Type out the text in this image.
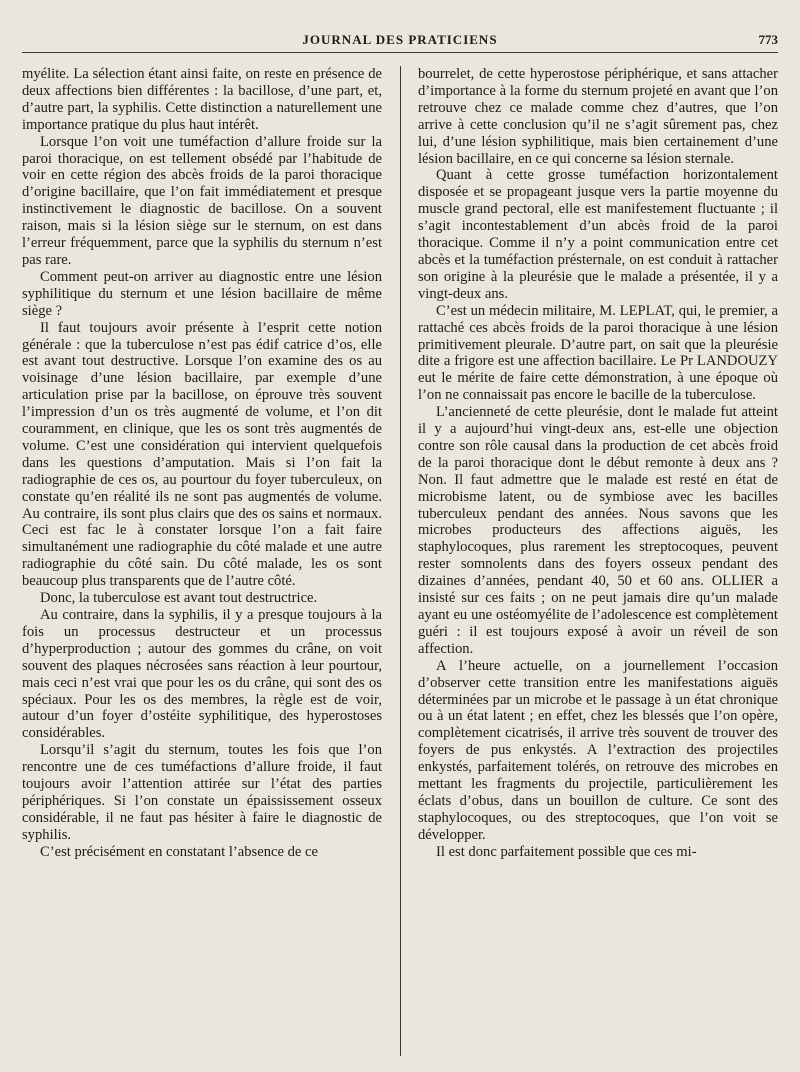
JOURNAL DES PRATICIENS	773

myélite. La sélection étant ainsi faite, on reste en présence de deux affections bien différentes : la bacillose, d’une part, et, d’autre part, la syphilis. Cette distinction a naturellement une importance pratique du plus haut intérêt.

Lorsque l’on voit une tuméfaction d’allure froide sur la paroi thoracique, on est tellement obsédé par l’habitude de voir en cette région des abcès froids de la paroi thoracique d’origine bacillaire, que l’on fait immédiatement et presque instinctivement le diagnostic de bacillose. On a souvent raison, mais si la lésion siège sur le sternum, on est dans l’erreur fréquemment, parce que la syphilis du sternum n’est pas rare.

Comment peut-on arriver au diagnostic entre une lésion syphilitique du sternum et une lésion bacillaire de même siège ?

Il faut toujours avoir présente à l’esprit cette notion générale : que la tuberculose n’est pas édif catrice d’os, elle est avant tout destructive. Lorsque l’on examine des os au voisinage d’une lésion bacillaire, par exemple d’une articulation prise par la bacillose, on éprouve très souvent l’impression d’un os très augmenté de volume, et l’on dit couramment, en clinique, que les os sont très augmentés de volume. C’est une considération qui intervient quelquefois dans les questions d’amputation. Mais si l’on fait la radiographie de ces os, au pourtour du foyer tuberculeux, on constate qu’en réalité ils ne sont pas augmentés de volume. Au contraire, ils sont plus clairs que des os sains et normaux. Ceci est fac le à constater lorsque l’on a fait faire simultanément une radiographie du côté malade et une autre radiographie du côté sain. Du côté malade, les os sont beaucoup plus transparents que de l’autre côté.

Donc, la tuberculose est avant tout destructrice.

Au contraire, dans la syphilis, il y a presque toujours à la fois un processus destructeur et un processus d’hyperproduction ; autour des gommes du crâne, on voit souvent des plaques nécrosées sans réaction à leur pourtour, mais ceci n’est vrai que pour les os du crâne, qui sont des os spéciaux. Pour les os des membres, la règle est de voir, autour d’un foyer d’ostéite syphilitique, des hyperostoses considérables.

Lorsqu’il s’agit du sternum, toutes les fois que l’on rencontre une de ces tuméfactions d’allure froide, il faut toujours avoir l’attention attirée sur l’état des parties périphériques. Si l’on constate un épaississement osseux considérable, il ne faut pas hésiter à faire le diagnostic de syphilis.

C’est précisément en constatant l’absence de ce

bourrelet, de cette hyperostose périphérique, et sans attacher d’importance à la forme du sternum projeté en avant que l’on retrouve chez ce malade comme chez d’autres, que l’on arrive à cette conclusion qu’il ne s’agit sûrement pas, chez lui, d’une lésion syphilitique, mais bien certainement d’une lésion bacillaire, en ce qui concerne sa lésion sternale.

Quant à cette grosse tuméfaction horizontalement disposée et se propageant jusque vers la partie moyenne du muscle grand pectoral, elle est manifestement fluctuante ; il s’agit incontestablement d’un abcès froid de la paroi thoracique. Comme il n’y a point communication entre cet abcès et la tuméfaction présternale, on est conduit à rattacher son origine à la pleurésie que le malade a présentée, il y a vingt-deux ans.

C’est un médecin militaire, M. LEPLAT, qui, le premier, a rattaché ces abcès froids de la paroi thoracique à une lésion primitivement pleurale. D’autre part, on sait que la pleurésie dite a frigore est une affection bacillaire. Le Pr LANDOUZY eut le mérite de faire cette démonstration, à une époque où l’on ne connaissait pas encore le bacille de la tuberculose.

L’ancienneté de cette pleurésie, dont le malade fut atteint il y a aujourd’hui vingt-deux ans, est-elle une objection contre son rôle causal dans la production de cet abcès froid de la paroi thoracique dont le début remonte à deux ans ? Non. Il faut admettre que le malade est resté en état de microbisme latent, ou de symbiose avec les bacilles tuberculeux pendant des années. Nous savons que les microbes producteurs des affections aiguës, les staphylocoques, plus rarement les streptocoques, peuvent rester somnolents dans des foyers osseux pendant des dizaines d’années, pendant 40, 50 et 60 ans. OLLIER a insisté sur ces faits ; on ne peut jamais dire qu’un malade ayant eu une ostéomyélite de l’adolescence est complètement guéri : il est toujours exposé à avoir un réveil de son affection.

A l’heure actuelle, on a journellement l’occasion d’observer cette transition entre les manifestations aiguës déterminées par un microbe et le passage à un état chronique ou à un état latent ; en effet, chez les blessés que l’on opère, complètement cicatrisés, il arrive très souvent de trouver des foyers de pus enkystés. A l’extraction des projectiles enkystés, parfaitement tolérés, on retrouve des microbes en mettant les fragments du projectile, particulièrement les éclats d’obus, dans un bouillon de culture. Ce sont des staphylocoques, ou des streptocoques, que l’on voit se développer.

Il est donc parfaitement possible que ces mi-
